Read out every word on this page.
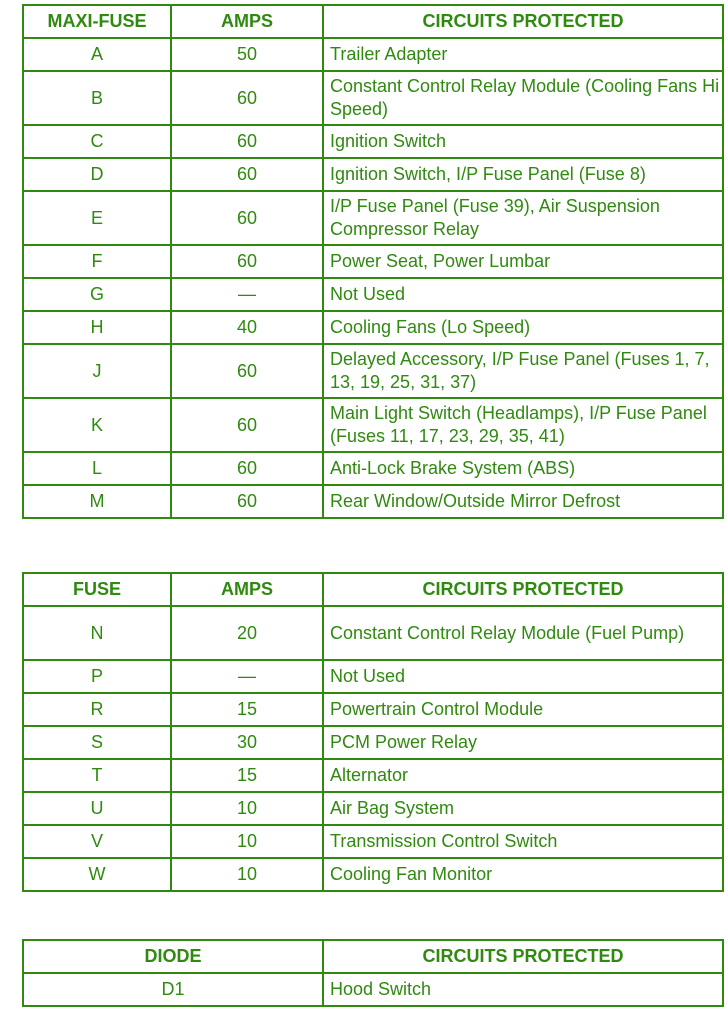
MAXI-FUSE	AMPS	CIRCUITS PROTECTED
A	50	Trailer Adapter
B	60	Constant Control Relay Module (Cooling Fans Hi Speed)
C	60	Ignition Switch
D	60	Ignition Switch, I/P Fuse Panel (Fuse 8)
E	60	I/P Fuse Panel (Fuse 39), Air Suspension Compressor Relay
F	60	Power Seat, Power Lumbar
G	—	Not Used
H	40	Cooling Fans (Lo Speed)
J	60	Delayed Accessory, I/P Fuse Panel (Fuses 1, 7, 13, 19, 25, 31, 37)
K	60	Main Light Switch (Headlamps), I/P Fuse Panel (Fuses 11, 17, 23, 29, 35, 41)
L	60	Anti-Lock Brake System (ABS)
M	60	Rear Window/Outside Mirror Defrost
FUSE	AMPS	CIRCUITS PROTECTED
N	20	Constant Control Relay Module (Fuel Pump)
P	—	Not Used
R	15	Powertrain Control Module
S	30	PCM Power Relay
T	15	Alternator
U	10	Air Bag System
V	10	Transmission Control Switch
W	10	Cooling Fan Monitor
DIODE	CIRCUITS PROTECTED
D1	Hood Switch
